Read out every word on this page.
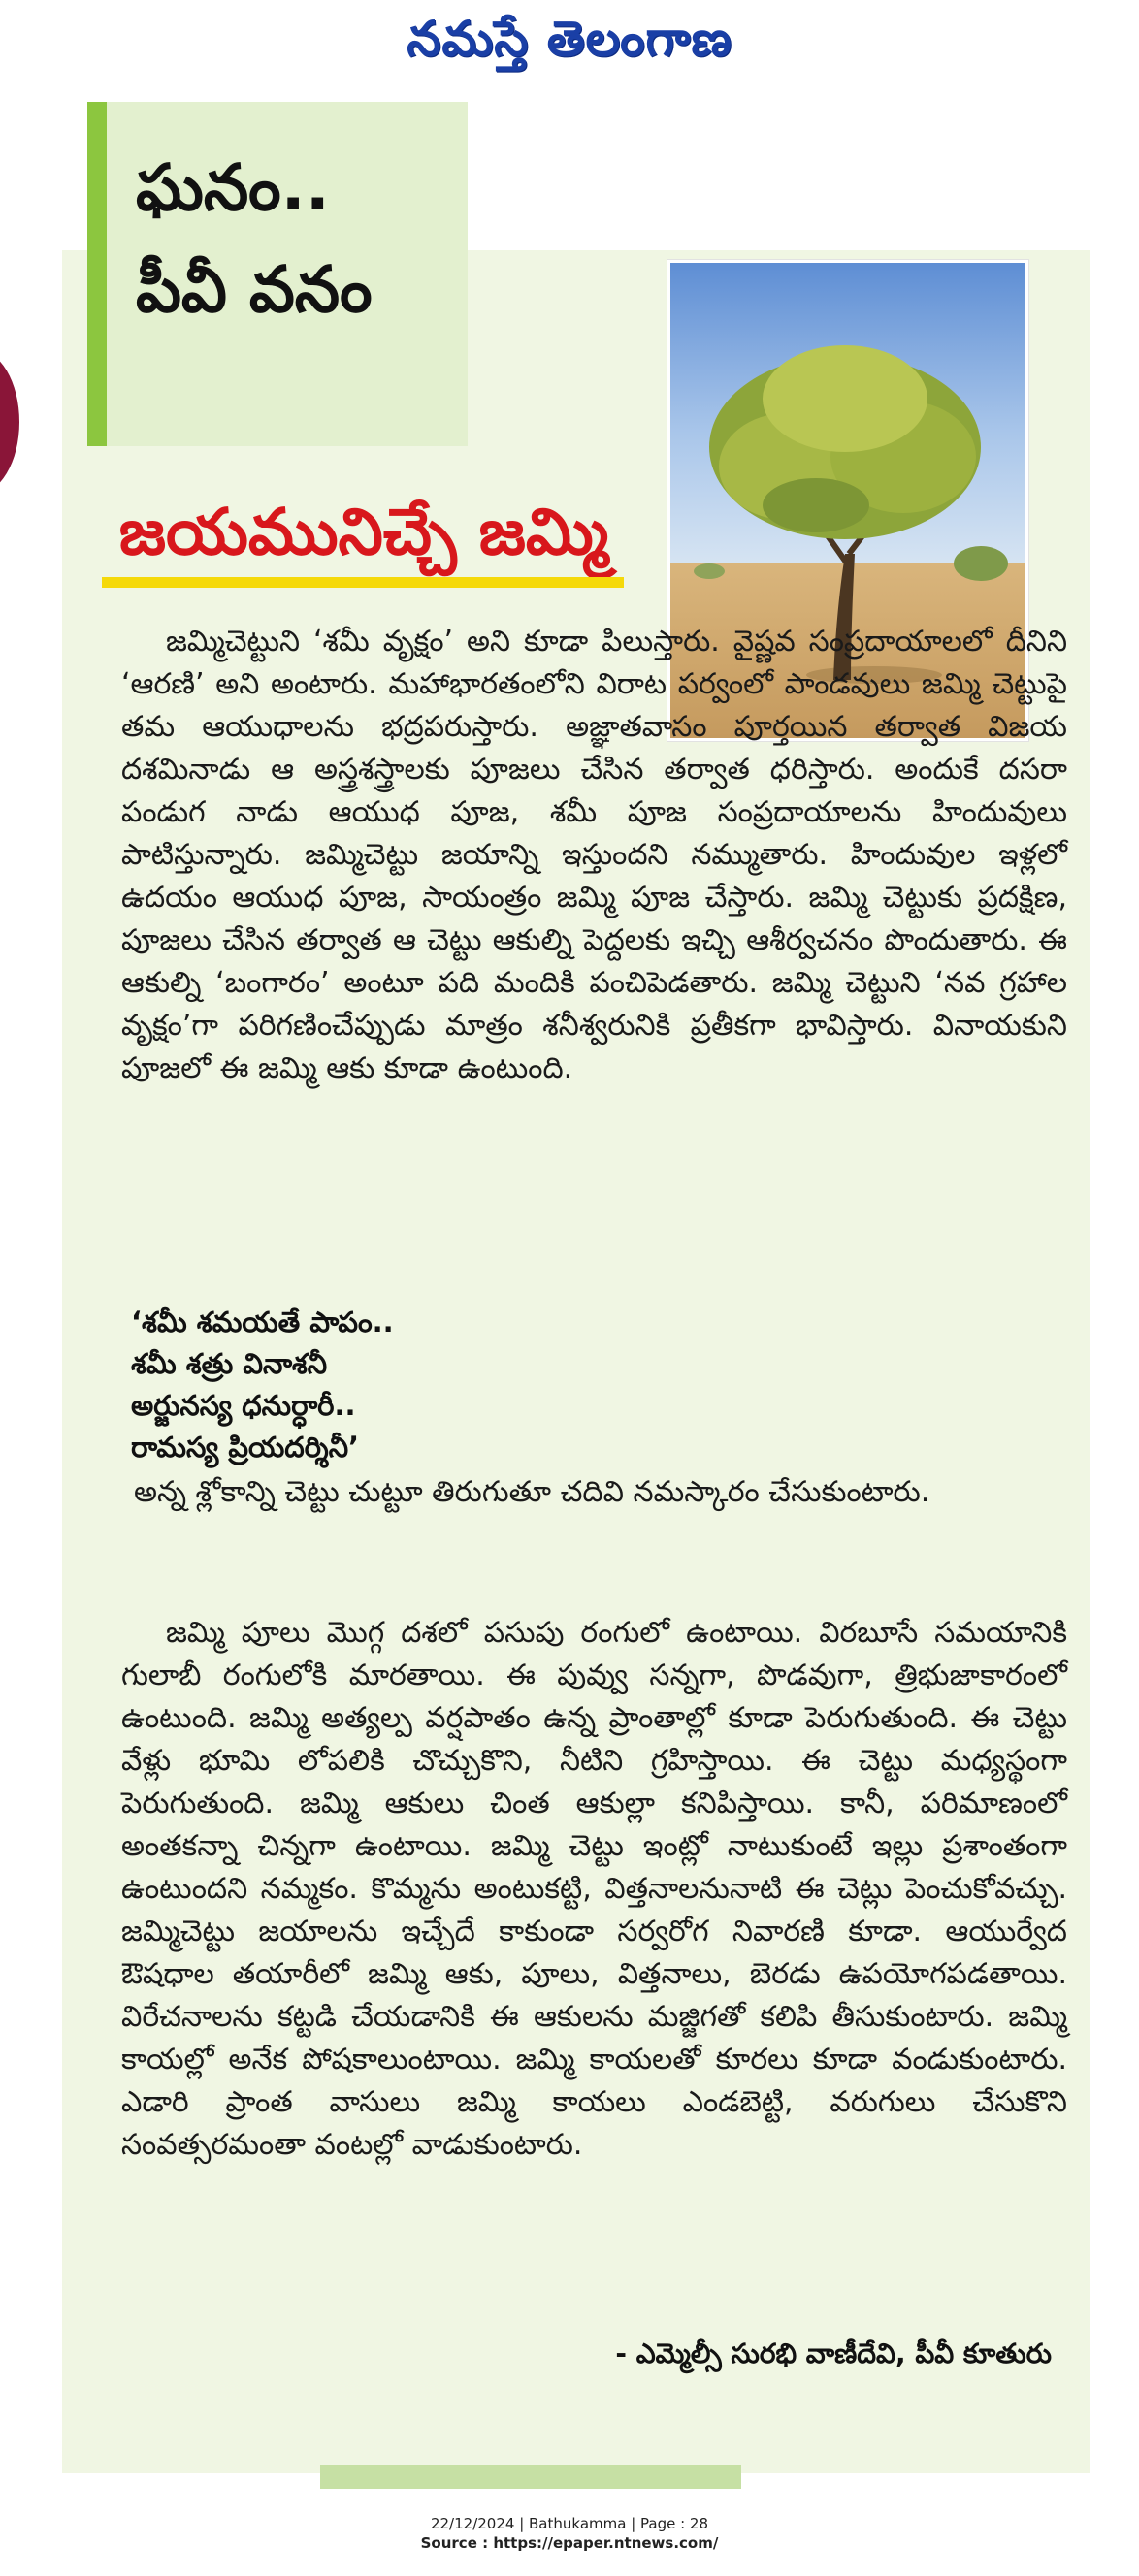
నమస్తే తెలంగాణ
ఘనం..
పీవీ వనం
జయమునిచ్చే జమ్మి
జమ్మిచెట్టుని ‘శమీ వృక్షం’ అని కూడా పిలుస్తారు. వైష్ణవ సంప్రదాయాలలో దీనిని ‘ఆరణి’ అని అంటారు. మహాభారతంలోని విరాట పర్వంలో పాండవులు జమ్మి చెట్టుపై తమ ఆయుధాలను భద్రపరుస్తారు. అజ్ఞాతవాసం పూర్తయిన తర్వాత విజయ దశమినాడు ఆ అస్త్రశస్త్రాలకు పూజలు చేసిన తర్వాత ధరిస్తారు. అందుకే దసరా పండుగ నాడు ఆయుధ పూజ, శమీ పూజ సంప్రదాయాలను హిందువులు పాటిస్తున్నారు. జమ్మిచెట్టు జయాన్ని ఇస్తుందని నమ్ముతారు. హిందువుల ఇళ్లలో ఉదయం ఆయుధ పూజ, సాయంత్రం జమ్మి పూజ చేస్తారు. జమ్మి చెట్టుకు ప్రదక్షిణ, పూజలు చేసిన తర్వాత ఆ చెట్టు ఆకుల్ని పెద్దలకు ఇచ్చి ఆశీర్వచనం పొందుతారు. ఈ ఆకుల్ని ‘బంగారం’ అంటూ పది మందికి పంచిపెడతారు. జమ్మి చెట్టుని ‘నవ గ్రహాల వృక్షం’గా పరిగణించేప్పుడు మాత్రం శనీశ్వరునికి ప్రతీకగా భావిస్తారు. వినాయకుని పూజలో ఈ జమ్మి ఆకు కూడా ఉంటుంది.
‘శమీ శమయతే పాపం..
శమీ శత్రు వినాశనీ
అర్జునస్య ధనుర్ధారీ..
రామస్య ప్రియదర్శినీ’
అన్న శ్లోకాన్ని చెట్టు చుట్టూ తిరుగుతూ చదివి నమస్కారం చేసుకుంటారు.
జమ్మి పూలు మొగ్గ దశలో పసుపు రంగులో ఉంటాయి. విరబూసే సమయానికి గులాబీ రంగులోకి మారతాయి. ఈ పువ్వు సన్నగా, పొడవుగా, త్రిభుజాకారంలో ఉంటుంది. జమ్మి అత్యల్ప వర్షపాతం ఉన్న ప్రాంతాల్లో కూడా పెరుగుతుంది. ఈ చెట్టు వేళ్లు భూమి లోపలికి చొచ్చుకొని, నీటిని గ్రహిస్తాయి. ఈ చెట్టు మధ్యస్థంగా పెరుగుతుంది. జమ్మి ఆకులు చింత ఆకుల్లా కనిపిస్తాయి. కానీ, పరిమాణంలో అంతకన్నా చిన్నగా ఉంటాయి. జమ్మి చెట్టు ఇంట్లో నాటుకుంటే ఇల్లు ప్రశాంతంగా ఉంటుందని నమ్మకం. కొమ్మను అంటుకట్టి, విత్తనాలనునాటి ఈ చెట్లు పెంచుకోవచ్చు. జమ్మిచెట్టు జయాలను ఇచ్చేదే కాకుండా సర్వరోగ నివారణి కూడా. ఆయుర్వేద ఔషధాల తయారీలో జమ్మి ఆకు, పూలు, విత్తనాలు, బెరడు ఉపయోగపడతాయి. విరేచనాలను కట్టడి చేయడానికి ఈ ఆకులను మజ్జిగతో కలిపి తీసుకుంటారు. జమ్మి కాయల్లో అనేక పోషకాలుంటాయి. జమ్మి కాయలతో కూరలు కూడా వండుకుంటారు. ఎడారి ప్రాంత వాసులు జమ్మి కాయలు ఎండబెట్టి, వరుగులు చేసుకొని సంవత్సరమంతా వంటల్లో వాడుకుంటారు.
- ఎమ్మెల్సీ సురభి వాణీదేవి, పీవీ కూతురు
22/12/2024 | Bathukamma | Page : 28
Source : https://epaper.ntnews.com/
